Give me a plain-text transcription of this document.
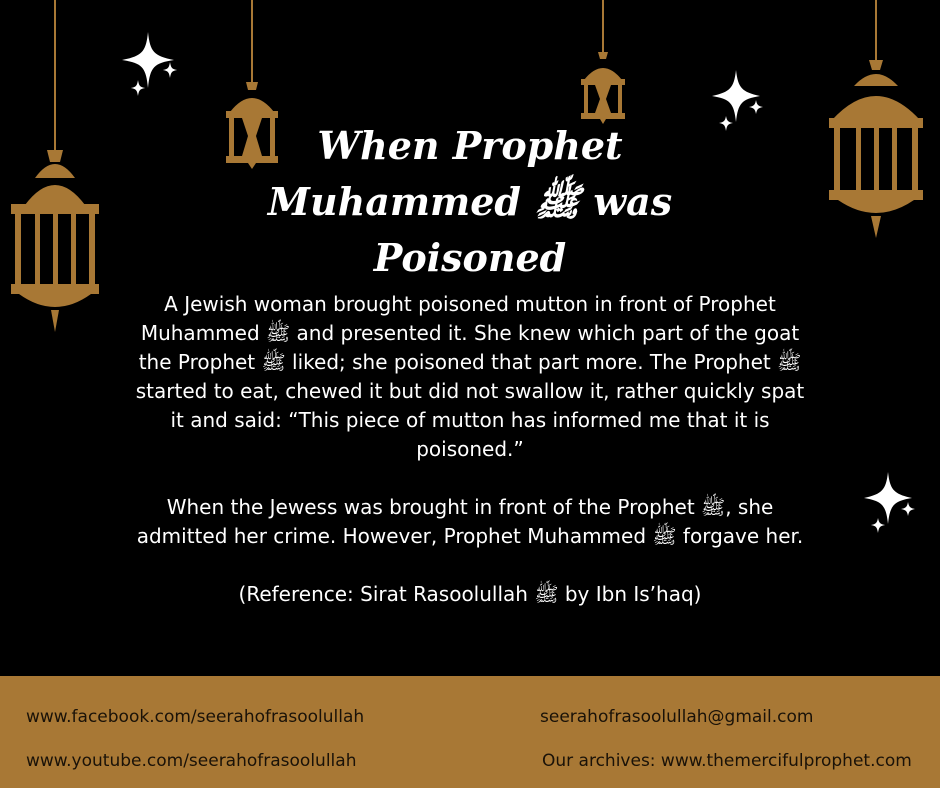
When Prophet
Muhammed ﷺ was
Poisoned

A Jewish woman brought poisoned mutton in front of Prophet Muhammed ﷺ and presented it. She knew which part of the goat the Prophet ﷺ liked; she poisoned that part more. The Prophet ﷺ started to eat, chewed it but did not swallow it, rather quickly spat it and said: “This piece of mutton has informed me that it is poisoned.”

When the Jewess was brought in front of the Prophet ﷺ, she admitted her crime. However, Prophet Muhammed ﷺ forgave her.

(Reference: Sirat Rasoolullah ﷺ by Ibn Is’haq)

www.facebook.com/seerahofrasoolullah	seerahofrasoolullah@gmail.com
www.youtube.com/seerahofrasoolullah	Our archives: www.themercifulprophet.com
